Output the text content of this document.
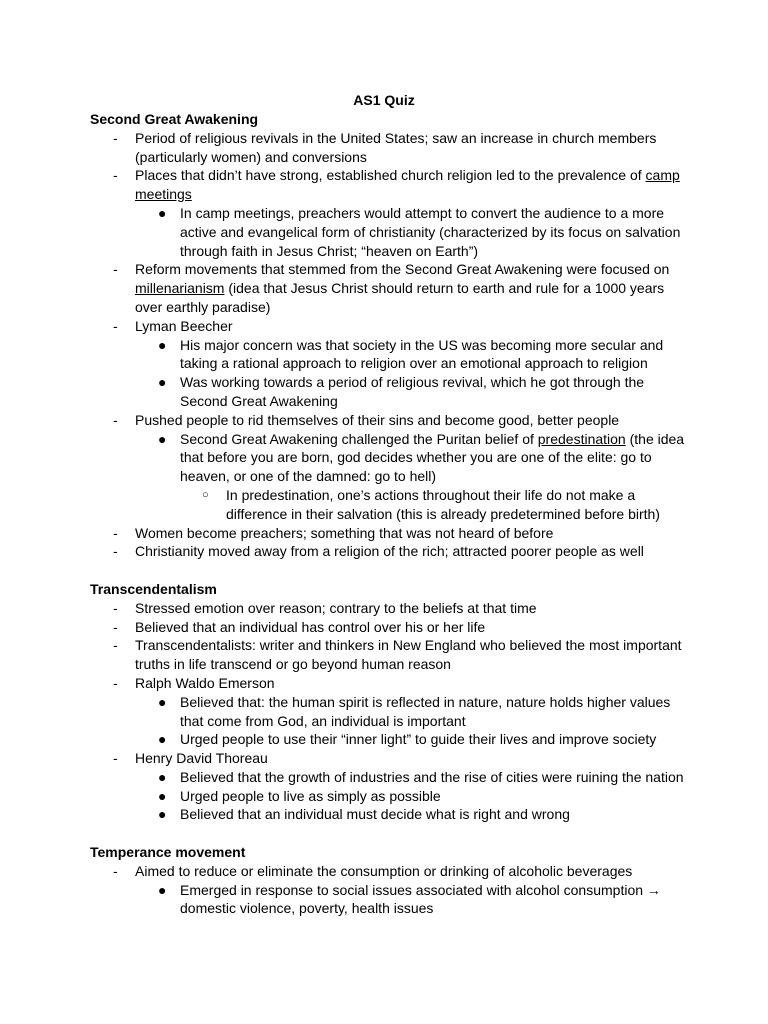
AS1 Quiz
Second Great Awakening
- Period of religious revivals in the United States; saw an increase in church members (particularly women) and conversions
- Places that didn’t have strong, established church religion led to the prevalence of camp meetings
● In camp meetings, preachers would attempt to convert the audience to a more active and evangelical form of christianity (characterized by its focus on salvation through faith in Jesus Christ; “heaven on Earth”)
- Reform movements that stemmed from the Second Great Awakening were focused on millenarianism (idea that Jesus Christ should return to earth and rule for a 1000 years over earthly paradise)
- Lyman Beecher
● His major concern was that society in the US was becoming more secular and taking a rational approach to religion over an emotional approach to religion
● Was working towards a period of religious revival, which he got through the Second Great Awakening
- Pushed people to rid themselves of their sins and become good, better people
● Second Great Awakening challenged the Puritan belief of predestination (the idea that before you are born, god decides whether you are one of the elite: go to heaven, or one of the damned: go to hell)
○ In predestination, one’s actions throughout their life do not make a difference in their salvation (this is already predetermined before birth)
- Women become preachers; something that was not heard of before
- Christianity moved away from a religion of the rich; attracted poorer people as well
Transcendentalism
- Stressed emotion over reason; contrary to the beliefs at that time
- Believed that an individual has control over his or her life
- Transcendentalists: writer and thinkers in New England who believed the most important truths in life transcend or go beyond human reason
- Ralph Waldo Emerson
● Believed that: the human spirit is reflected in nature, nature holds higher values that come from God, an individual is important
● Urged people to use their “inner light” to guide their lives and improve society
- Henry David Thoreau
● Believed that the growth of industries and the rise of cities were ruining the nation
● Urged people to live as simply as possible
● Believed that an individual must decide what is right and wrong
Temperance movement
- Aimed to reduce or eliminate the consumption or drinking of alcoholic beverages
● Emerged in response to social issues associated with alcohol consumption → domestic violence, poverty, health issues
